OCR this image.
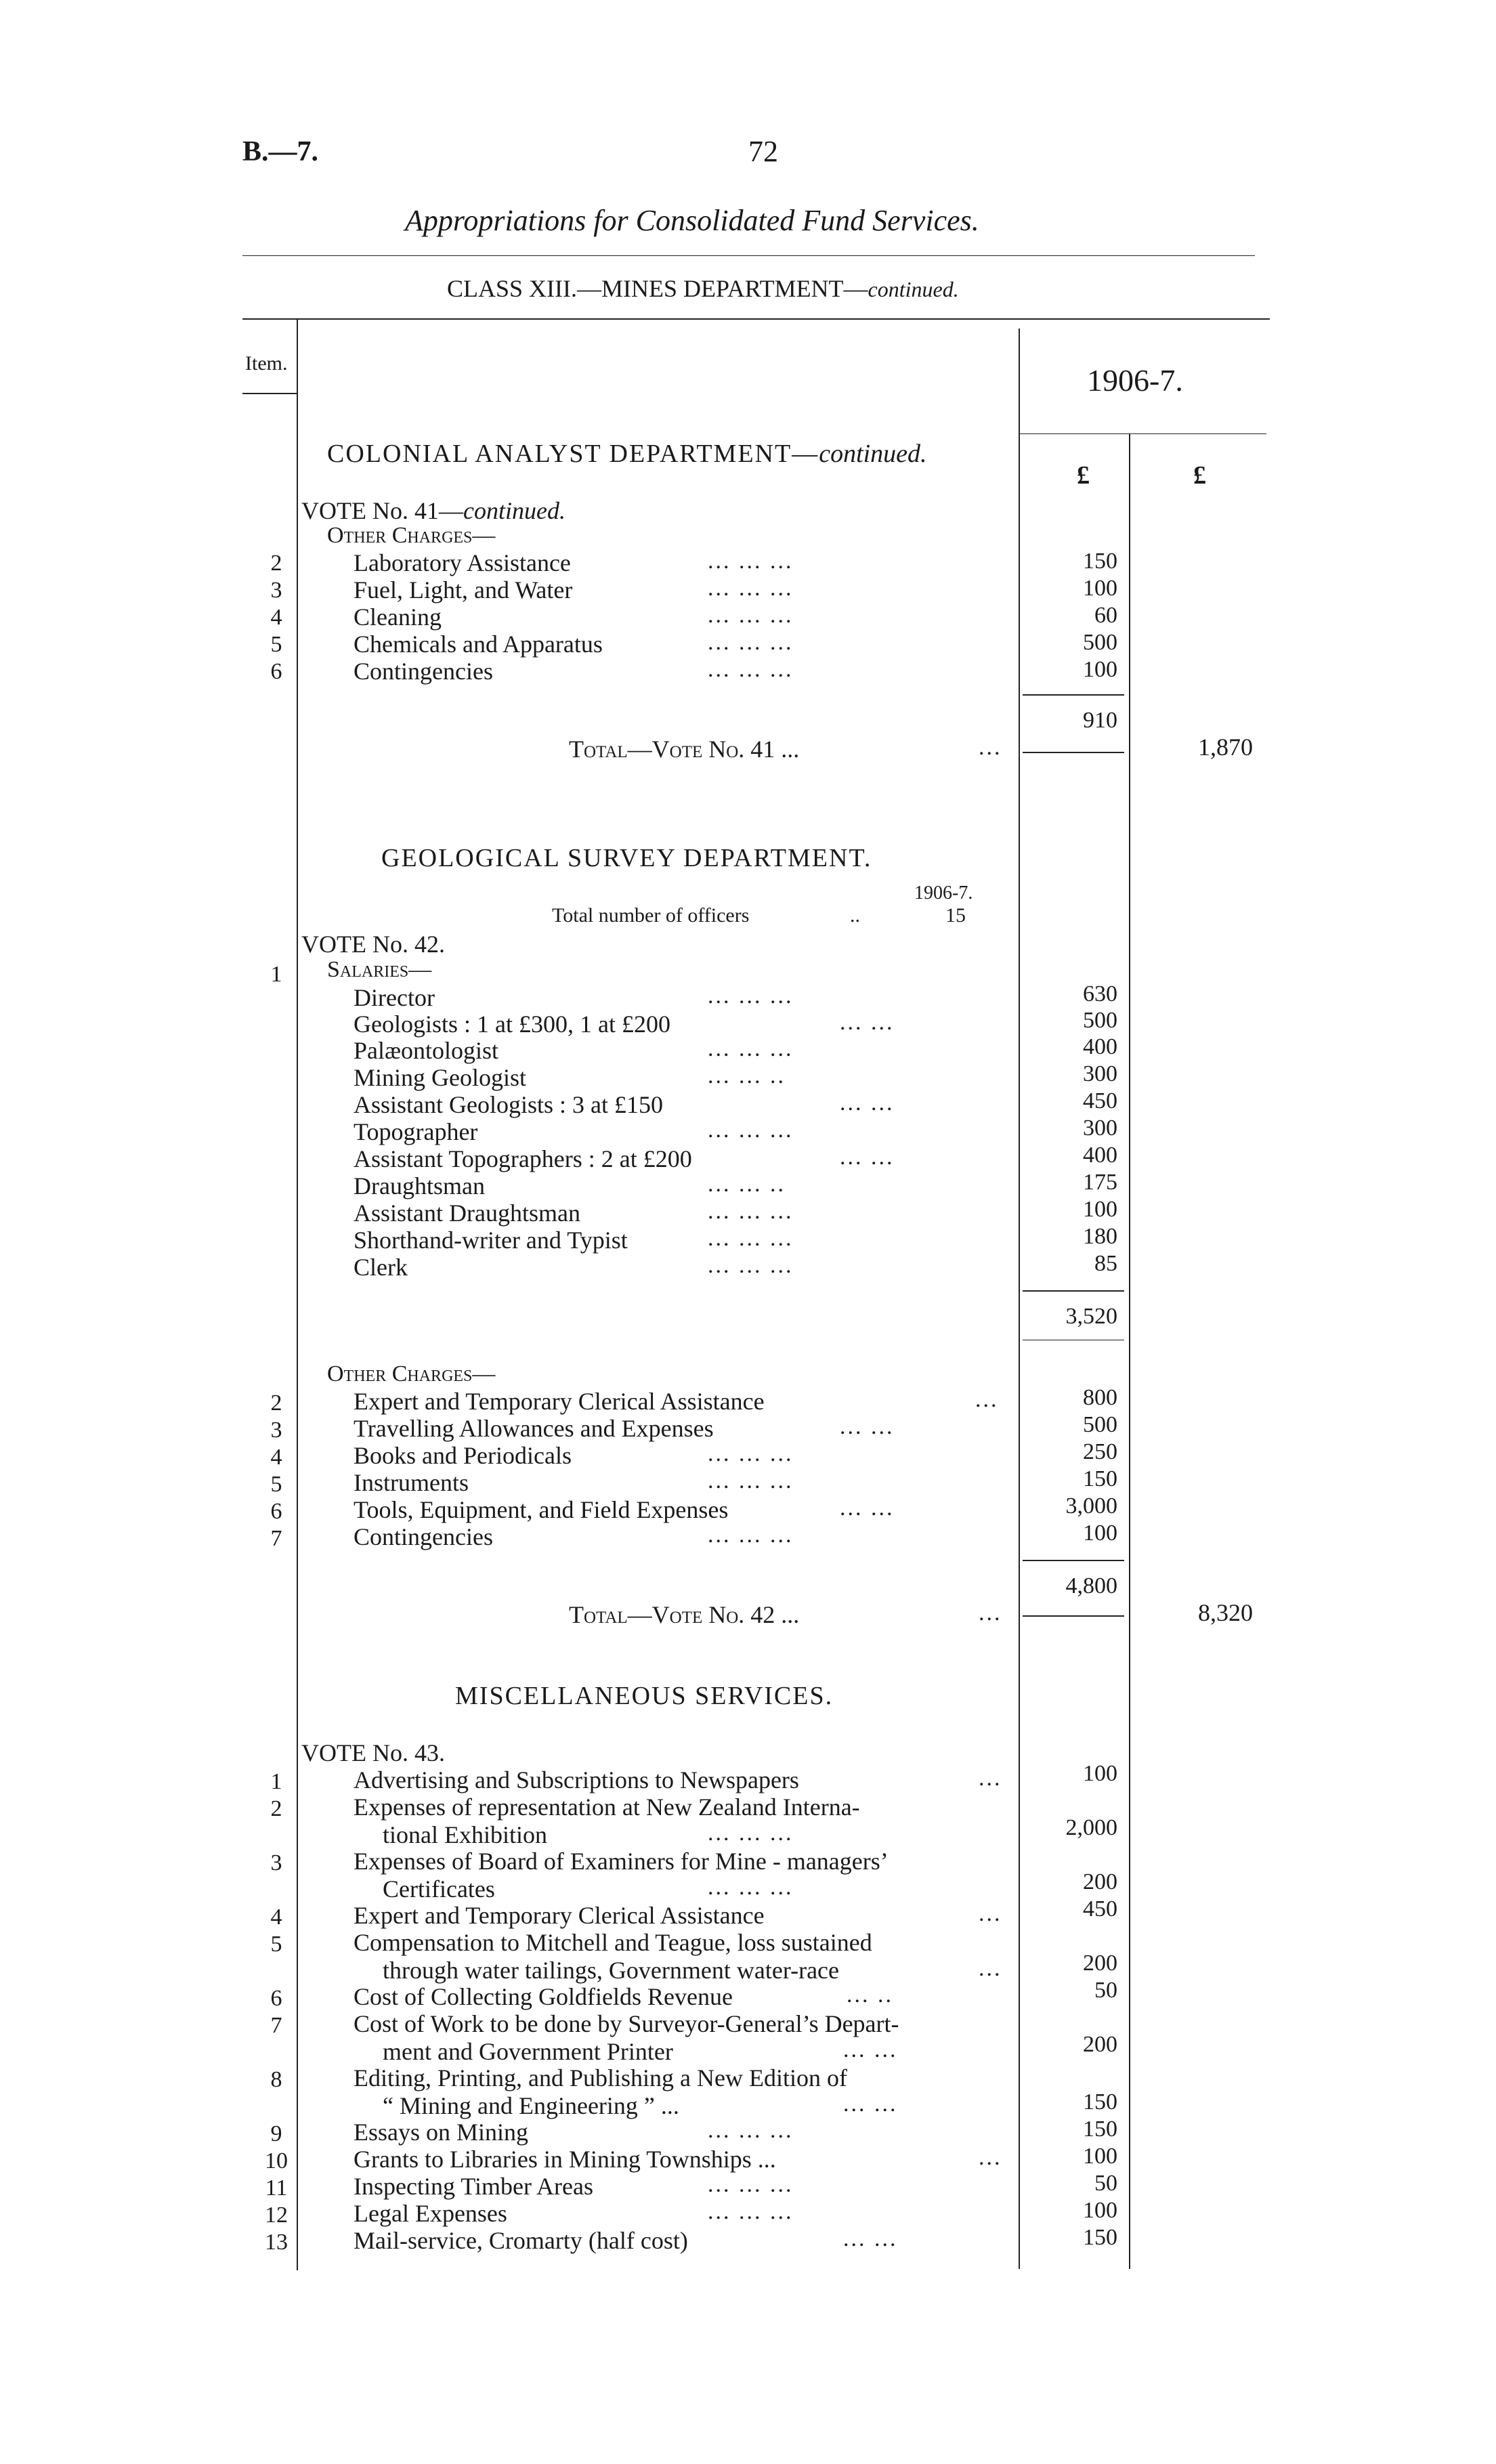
B.—7.	72
Appropriations for Consolidated Fund Services.
CLASS XIII.—MINES DEPARTMENT—continued.
Item.	1906-7.
£	£
COLONIAL ANALYST DEPARTMENT—continued.
VOTE No. 41—continued.
Other Charges—
2	Laboratory Assistance	... ... ...	150
3	Fuel, Light, and Water	... ... ...	100
4	Cleaning	... ... ...	60
5	Chemicals and Apparatus	... ... ...	500
6	Contingencies	... ... ...	100
910
Total—Vote No. 41 ...	...	1,870
GEOLOGICAL SURVEY DEPARTMENT.
1906-7.
Total number of officers	..	15
VOTE No. 42.
1	Salaries—
Director	... ... ...	630
Geologists : 1 at £300, 1 at £200	... ...	500
Palæontologist	... ... ...	400
Mining Geologist	... ... ..	300
Assistant Geologists : 3 at £150	... ...	450
Topographer	... ... ...	300
Assistant Topographers : 2 at £200	... ...	400
Draughtsman	... ... ..	175
Assistant Draughtsman	... ... ...	100
Shorthand-writer and Typist	... ... ...	180
Clerk	... ... ...	85
3,520
Other Charges—
2	Expert and Temporary Clerical Assistance	...	800
3	Travelling Allowances and Expenses	... ...	500
4	Books and Periodicals	... ... ...	250
5	Instruments	... ... ...	150
6	Tools, Equipment, and Field Expenses	... ...	3,000
7	Contingencies	... ... ...	100
4,800
Total—Vote No. 42 ...	...	8,320
MISCELLANEOUS SERVICES.
VOTE No. 43.
1	Advertising and Subscriptions to Newspapers	...	100
2	Expenses of representation at New Zealand Interna-
tional Exhibition	... ... ...	2,000
3	Expenses of Board of Examiners for Mine - managers’
Certificates	... ... ...	200
4	Expert and Temporary Clerical Assistance	...	450
5	Compensation to Mitchell and Teague, loss sustained
through water tailings, Government water-race	...	200
6	Cost of Collecting Goldfields Revenue	... ..	50
7	Cost of Work to be done by Surveyor-General’s Depart-
ment and Government Printer	... ...	200
8	Editing, Printing, and Publishing a New Edition of
“ Mining and Engineering ” ...	... ...	150
9	Essays on Mining	... ... ...	150
10	Grants to Libraries in Mining Townships ...	...	100
11	Inspecting Timber Areas	... ... ...	50
12	Legal Expenses	... ... ...	100
13	Mail-service, Cromarty (half cost)	... ...	150
